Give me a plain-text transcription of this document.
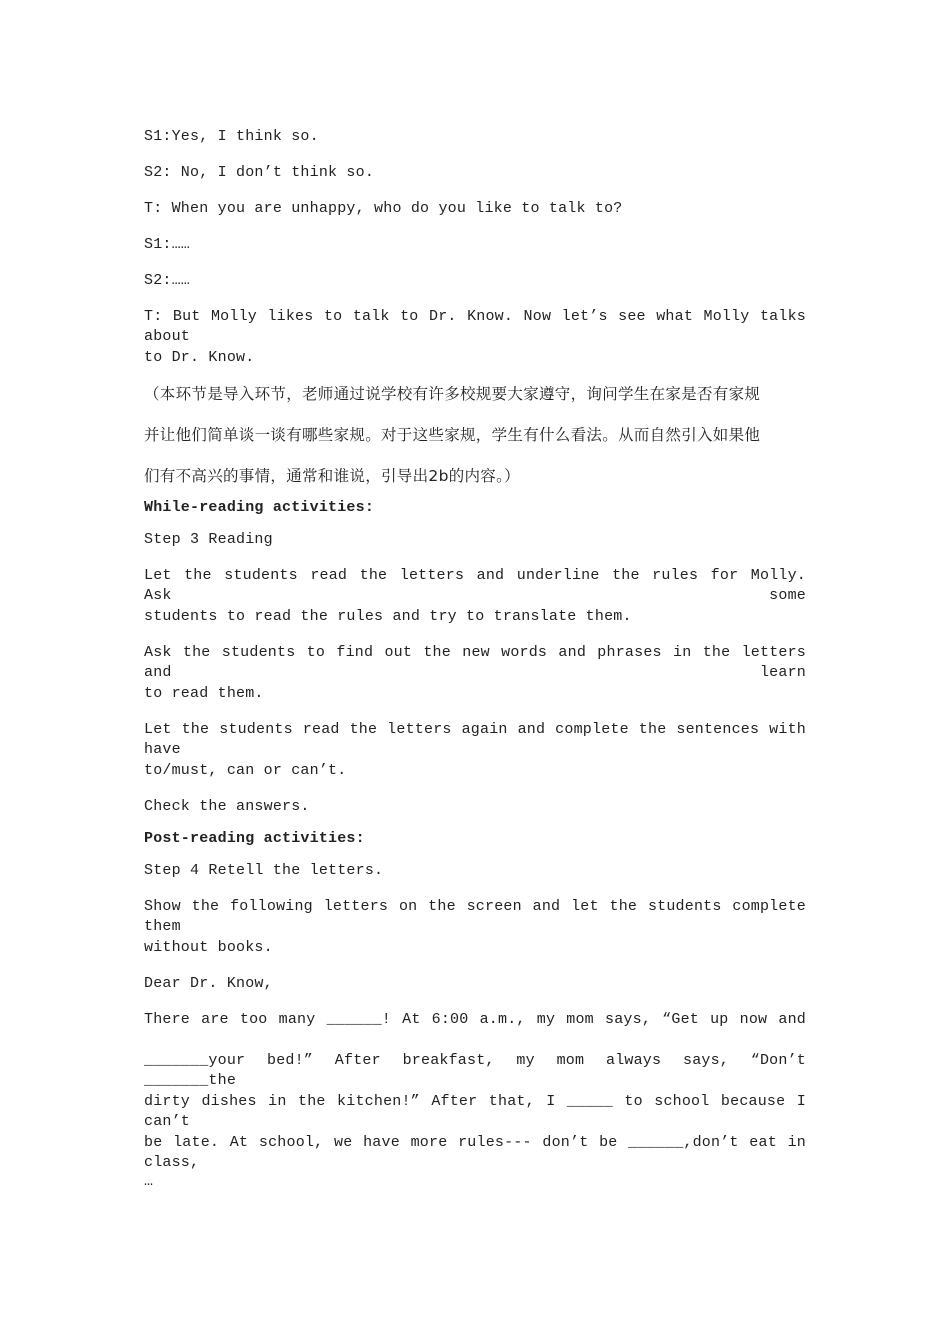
S1:Yes, I think so.

S2: No, I don’t think so.

T: When you are unhappy, who do you like to talk to?

S1:……

S2:……

T: But Molly likes to talk to Dr. Know. Now let’s see what Molly talks about

to Dr. Know.

（本环节是导入环节，老师通过说学校有许多校规要大家遵守，询问学生在家是否有家规

并让他们简单谈一谈有哪些家规。对于这些家规，学生有什么看法。从而自然引入如果他

们有不高兴的事情，通常和谁说，引导出2b的内容。）

While-reading activities:

Step 3 Reading

Let the students read the letters and underline the rules for Molly. Ask some

students to read the rules and try to translate them.

Ask the students to find out the new words and phrases in the letters and learn

to read them.

Let the students read the letters again and complete the sentences with have

to/must, can or can’t.

Check the answers.

Post-reading activities:

Step 4 Retell the letters.

Show the following letters on the screen and let the students complete them

without books.

Dear Dr. Know,

There are too many ______! At 6:00 a.m., my mom says, “Get up now and

_______your bed!” After breakfast, my mom always says, “Don’t _______the

dirty dishes in the kitchen!” After that, I _____ to school because I can’t

be late. At school, we have more rules--- don’t be ______,don’t eat in class,

…
